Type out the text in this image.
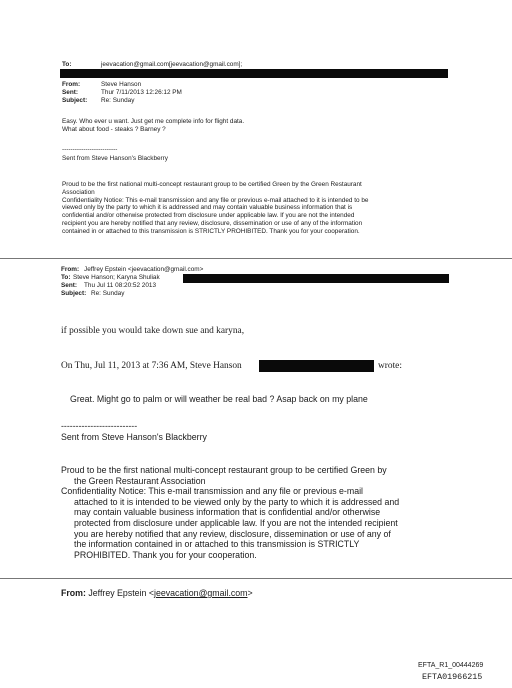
To:	jeevacation@gmail.com[jeevacation@gmail.com];
From:	Steve Hanson
Sent:	Thur 7/11/2013 12:26:12 PM
Subject: Re: Sunday
Easy. Who ever u want. Just get me complete info for flight data.
What about food - steaks ? Barney ?
--------------------------
Sent from Steve Hanson's Blackberry
Proud to be the first national multi-concept restaurant group to be certified Green by the Green Restaurant
Association
Confidentiality Notice: This e-mail transmission and any file or previous e-mail attached to it is intended to be
viewed only by the party to which it is addressed and may contain valuable business information that is
confidential and/or otherwise protected from disclosure under applicable law. If you are not the intended
recipient you are hereby notified that any review, disclosure, dissemination or use of any of the information
contained in or attached to this transmission is STRICTLY PROHIBITED. Thank you for your cooperation.
From: Jeffrey Epstein <jeevacation@gmail.com>
To: Steve Hanson; Karyna Shuliak
Sent: Thu Jul 11 08:20:52 2013
Subject: Re: Sunday
if possible you would take down sue and karyna,
On Thu, Jul 11, 2013 at 7:36 AM, Steve Hanson	wrote:
Great. Might go to palm or will weather be real bad ? Asap back on my plane
--------------------------
Sent from Steve Hanson's Blackberry
Proud to be the first national multi-concept restaurant group to be certified Green by
the Green Restaurant Association
Confidentiality Notice: This e-mail transmission and any file or previous e-mail
attached to it is intended to be viewed only by the party to which it is addressed and
may contain valuable business information that is confidential and/or otherwise
protected from disclosure under applicable law. If you are not the intended recipient
you are hereby notified that any review, disclosure, dissemination or use of any of
the information contained in or attached to this transmission is STRICTLY
PROHIBITED. Thank you for your cooperation.
From: Jeffrey Epstein <jeevacation@gmail.com>
EFTA_R1_00444269
EFTA01966215
